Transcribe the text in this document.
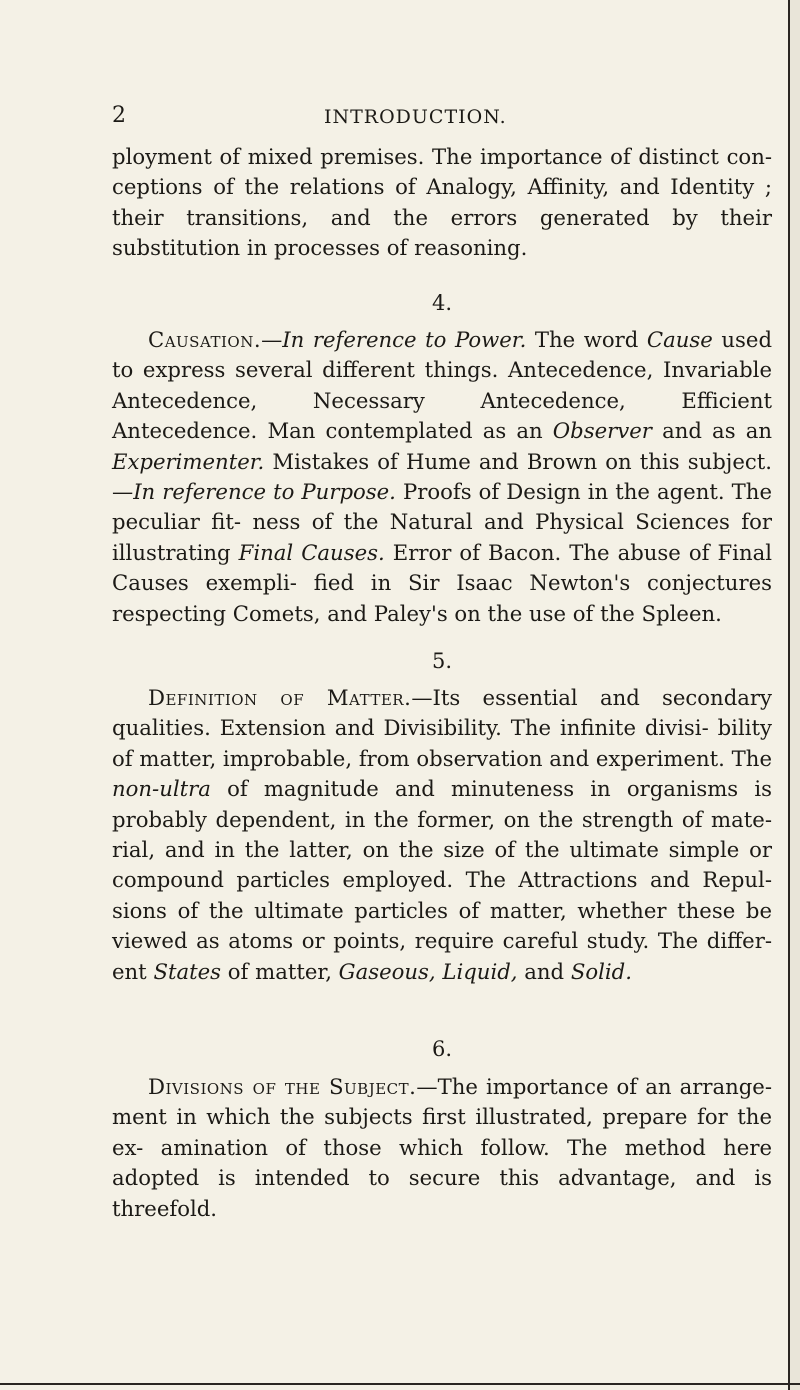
2	INTRODUCTION.

ployment of mixed premises. The importance of distinct con- ceptions of the relations of Analogy, Affinity, and Identity ; their transitions, and the errors generated by their substitution in processes of reasoning.

4.

Causation.—In reference to Power. The word Cause used to express several different things. Antecedence, Invariable Antecedence, Necessary Antecedence, Efficient Antecedence. Man contemplated as an Observer and as an Experimenter. Mistakes of Hume and Brown on this subject.—In reference to Purpose. Proofs of Design in the agent. The peculiar fit- ness of the Natural and Physical Sciences for illustrating Final Causes. Error of Bacon. The abuse of Final Causes exempli- fied in Sir Isaac Newton's conjectures respecting Comets, and Paley's on the use of the Spleen.

5.

Definition of Matter.—Its essential and secondary qualities. Extension and Divisibility. The infinite divisi- bility of matter, improbable, from observation and experiment. The non-ultra of magnitude and minuteness in organisms is probably dependent, in the former, on the strength of mate- rial, and in the latter, on the size of the ultimate simple or compound particles employed. The Attractions and Repul- sions of the ultimate particles of matter, whether these be viewed as atoms or points, require careful study. The differ- ent States of matter, Gaseous, Liquid, and Solid.

6.

Divisions of the Subject.—The importance of an arrange- ment in which the subjects first illustrated, prepare for the ex- amination of those which follow. The method here adopted is intended to secure this advantage, and is threefold.
